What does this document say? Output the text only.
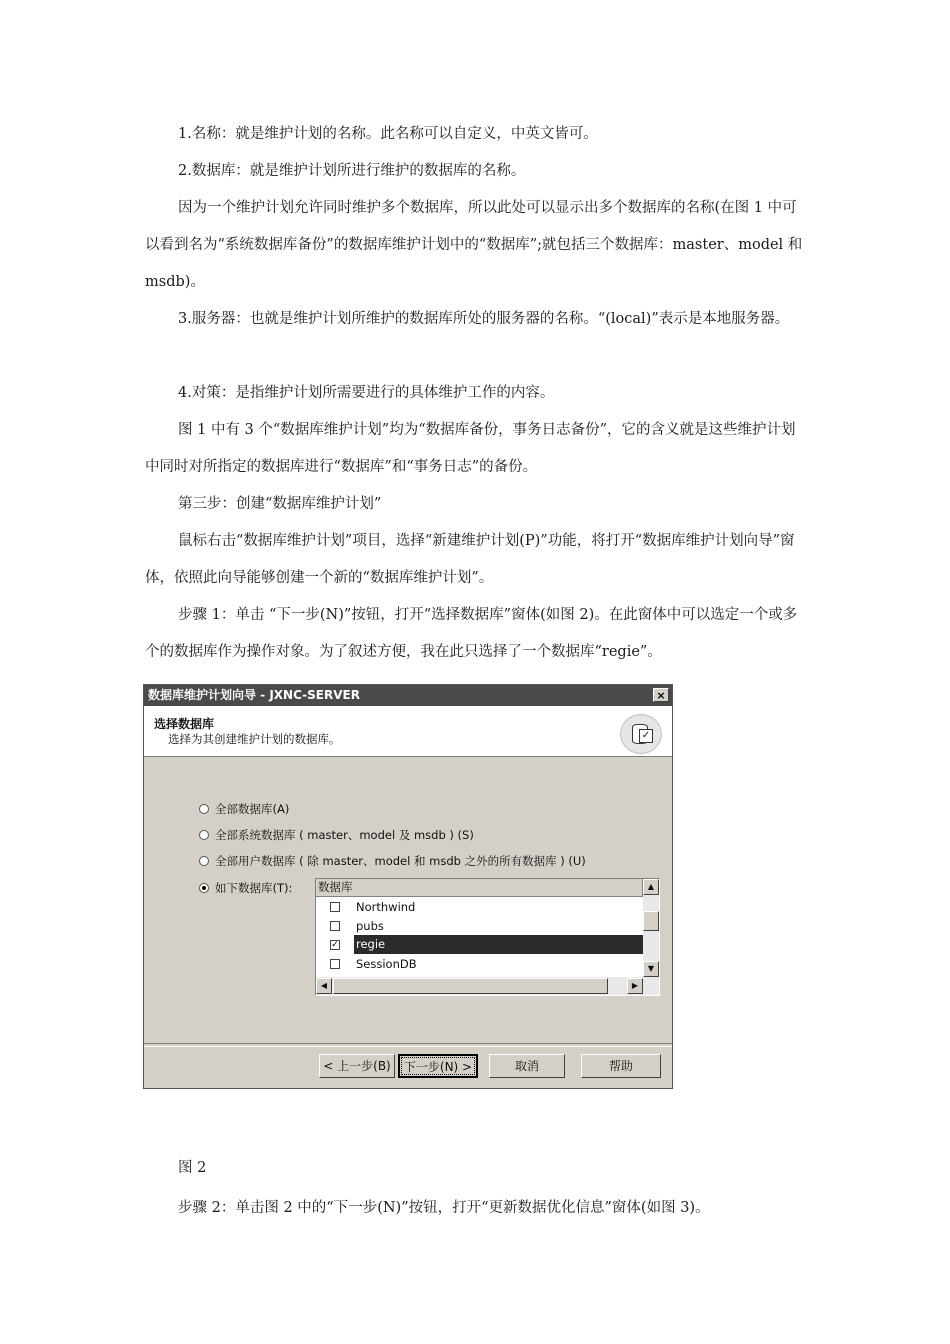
1.名称：就是维护计划的名称。此名称可以自定义，中英文皆可。

2.数据库：就是维护计划所进行维护的数据库的名称。

因为一个维护计划允许同时维护多个数据库，所以此处可以显示出多个数据库的名称(在图 1 中可以看到名为“系统数据库备份”的数据库维护计划中的“数据库”;就包括三个数据库：master、model 和 msdb)。

3.服务器：也就是维护计划所维护的数据库所处的服务器的名称。“(local)”表示是本地服务器。

4.对策：是指维护计划所需要进行的具体维护工作的内容。

图 1 中有 3 个“数据库维护计划”均为“数据库备份，事务日志备份”，它的含义就是这些维护计划中同时对所指定的数据库进行“数据库”和“事务日志”的备份。

第三步：创建“数据库维护计划”

鼠标右击“数据库维护计划”项目，选择“新建维护计划(P)”功能，将打开“数据库维护计划向导”窗体，依照此向导能够创建一个新的“数据库维护计划”。

步骤 1：单击 “下一步(N)”按钮，打开“选择数据库”窗体(如图 2)。在此窗体中可以选定一个或多个的数据库作为操作对象。为了叙述方便，我在此只选择了一个数据库“regie”。

数据库维护计划向导 - JXNC-SERVER	×
选择数据库
选择为其创建维护计划的数据库。	✓
全部数据库(A)
全部系统数据库 ( master、model 及 msdb ) (S)
全部用户数据库 ( 除 master、model 和 msdb 之外的所有数据库 ) (U)
如下数据库(T): 数据库
Northwind
pubs
✓ regie
SessionDB
▲
▼
◀	▶
< 上一步(B)	下一步(N) >	取消	帮助
图 2

步骤 2：单击图 2 中的“下一步(N)”按钮，打开“更新数据优化信息”窗体(如图 3)。
